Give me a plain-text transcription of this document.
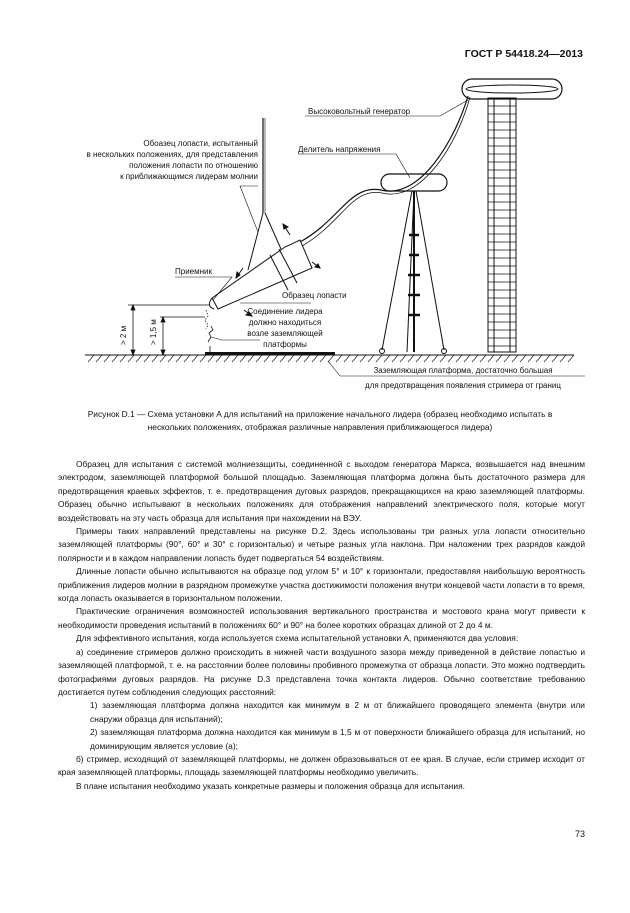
ГОСТ Р 54418.24—2013
Обоазец лопасти, испытанный
в нескольких положениях, для представления
положения лопасти по отношению
к приближающимся лидерам молнии
Высоковольтный генератор
Делитель напряжения
Приемник
Образец лопасти
Соединение лидера
должно находиться
возле заземляющей
платформы
> 2 м	> 1,5 м
Заземляющая платформа, достаточно большая
для предотвращения появления стримера от границ
Рисунок D.1 — Схема установки A для испытаний на приложение начального лидера (образец необходимо испытать в нескольких положениях, отображая различные направления приближающегося лидера)

Образец для испытания с системой молниезащиты, соединенной с выходом генератора Маркса, возвышается над внешним электродом, заземляющей платформой большой площадью. Заземляющая платформа должна быть достаточного размера для предотвращения краевых эффектов, т. е. предотвращения дуговых разрядов, прекращающихся на краю заземляющей платформы. Образец обычно испытывают в нескольких положениях для отображения направлений электрического поля, которые могут воздействовать на эту часть образца для испытания при нахождении на ВЭУ.

Примеры таких направлений представлены на рисунке D.2. Здесь использованы три разных угла лопасти относительно заземляющей платформы (90°, 60° и 30° с горизонталью) и четыре разных угла наклона. При наложении трех разрядов каждой полярности и в каждом направлении лопасть будет подвергаться 54 воздействиям.

Длинные лопасти обычно испытываются на образце под углом 5° и 10° к горизонтали, предоставляя наибольшую вероятность приближения лидеров молнии в разрядном промежутке участка достижимости положения внутри концевой части лопасти в то время, когда лопасть оказывается в горизонтальном положении.

Практические ограничения возможностей использования вертикального пространства и мостового крана могут привести к необходимости проведения испытаний в положениях 60° и 90° на более коротких образцах длиной от 2 до 4 м.

Для эффективного испытания, когда используется схема испытательной установки A, применяются два условия:

a) соединение стримеров должно происходить в нижней части воздушного зазора между приведенной в действие лопастью и заземляющей платформой, т. е. на расстоянии более половины пробивного промежутка от образца лопасти. Это можно подтвердить фотографиями дуговых разрядов. На рисунке D.3 представлена точка контакта лидеров. Обычно соответствие требованию достигается путем соблюдения следующих расстояний:

1) заземляющая платформа должна находится как минимум в 2 м от ближайшего проводящего элемента (внутри или снаружи образца для испытаний);

2) заземляющая платформа должна находится как минимум в 1,5 м от поверхности ближайшего образца для испытаний, но доминирующим является условие (a);

б) стример, исходящий от заземляющей платформы, не должен образовываться от ее края. В случае, если стример исходит от края заземляющей платформы, площадь заземляющей платформы необходимо увеличить.

В плане испытания необходимо указать конкретные размеры и положения образца для испытания.

73
